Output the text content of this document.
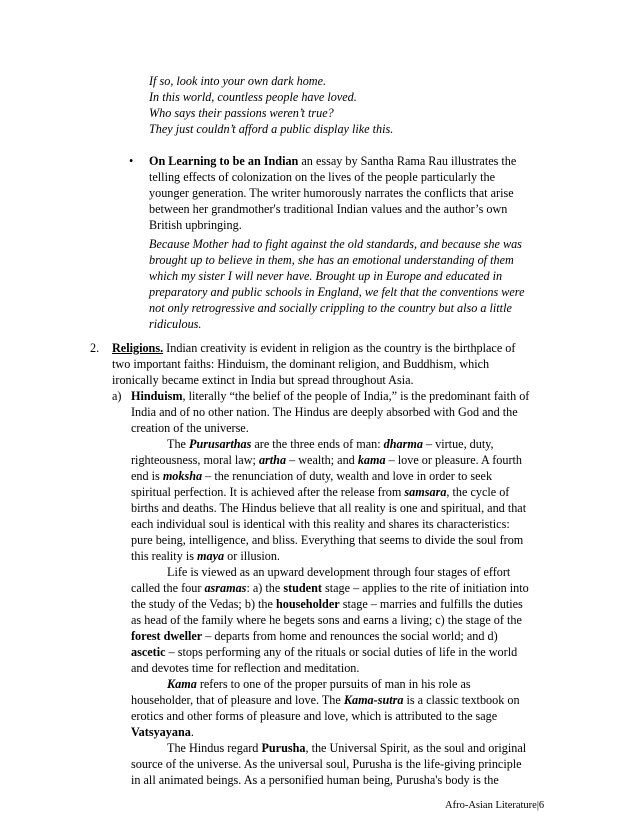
If so, look into your own dark home.
In this world, countless people have loved.
Who says their passions weren’t true?
They just couldn’t afford a public display like this.
• On Learning to be an Indian an essay by Santha Rama Rau illustrates the
telling effects of colonization on the lives of the people particularly the
younger generation. The writer humorously narrates the conflicts that arise
between her grandmother's traditional Indian values and the author’s own
British upbringing.
Because Mother had to fight against the old standards, and because she was
brought up to believe in them, she has an emotional understanding of them
which my sister I will never have. Brought up in Europe and educated in
preparatory and public schools in England, we felt that the conventions were
not only retrogressive and socially crippling to the country but also a little
ridiculous.
2. Religions. Indian creativity is evident in religion as the country is the birthplace of
two important faiths: Hinduism, the dominant religion, and Buddhism, which
ironically became extinct in India but spread throughout Asia.
a) Hinduism, literally “the belief of the people of India,” is the predominant faith of
India and of no other nation. The Hindus are deeply absorbed with God and the
creation of the universe.
The Purusarthas are the three ends of man: dharma – virtue, duty,
righteousness, moral law; artha – wealth; and kama – love or pleasure. A fourth
end is moksha – the renunciation of duty, wealth and love in order to seek
spiritual perfection. It is achieved after the release from samsara, the cycle of
births and deaths. The Hindus believe that all reality is one and spiritual, and that
each individual soul is identical with this reality and shares its characteristics:
pure being, intelligence, and bliss. Everything that seems to divide the soul from
this reality is maya or illusion.
Life is viewed as an upward development through four stages of effort
called the four asramas: a) the student stage – applies to the rite of initiation into
the study of the Vedas; b) the householder stage – marries and fulfills the duties
as head of the family where he begets sons and earns a living; c) the stage of the
forest dweller – departs from home and renounces the social world; and d)
ascetic – stops performing any of the rituals or social duties of life in the world
and devotes time for reflection and meditation.
Kama refers to one of the proper pursuits of man in his role as
householder, that of pleasure and love. The Kama-sutra is a classic textbook on
erotics and other forms of pleasure and love, which is attributed to the sage
Vatsyayana.
The Hindus regard Purusha, the Universal Spirit, as the soul and original
source of the universe. As the universal soul, Purusha is the life-giving principle
in all animated beings. As a personified human being, Purusha's body is the
Afro-Asian Literature|6
